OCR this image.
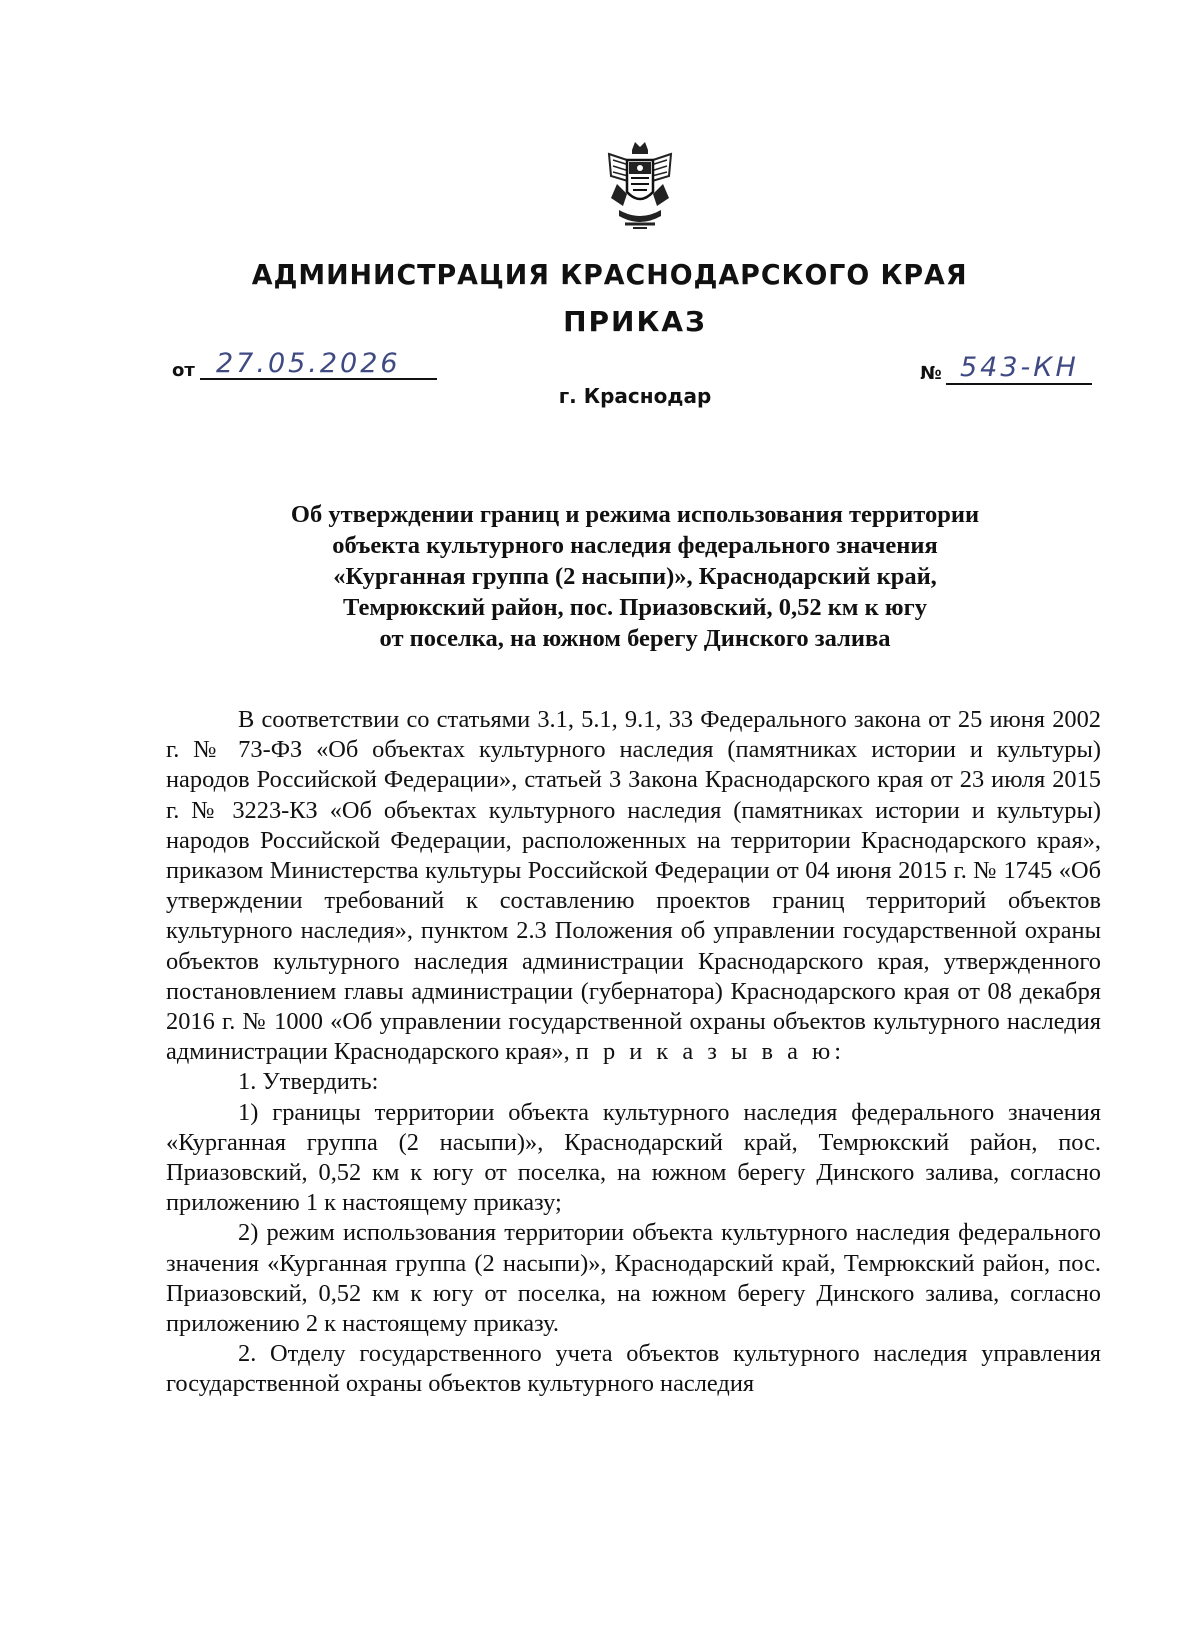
АДМИНИСТРАЦИЯ КРАСНОДАРСКОГО КРАЯ
ПРИКАЗ
от 27.05.2026	№ 543-КН
г. Краснодар
Об утверждении границ и режима использования территории
объекта культурного наследия федерального значения
«Курганная группа (2 насыпи)», Краснодарский край,
Темрюкский район, пос. Приазовский, 0,52 км к югу
от поселка, на южном берегу Динского залива

В соответствии со статьями 3.1, 5.1, 9.1, 33 Федерального закона от 25 июня 2002 г. № 73-ФЗ «Об объектах культурного наследия (памятниках истории и культуры) народов Российской Федерации», статьей 3 Закона Краснодарского края от 23 июля 2015 г. № 3223-КЗ «Об объектах культурного наследия (памятниках истории и культуры) народов Российской Федерации, расположенных на территории Краснодарского края», приказом Министерства культуры Российской Федерации от 04 июня 2015 г. № 1745 «Об утверждении требований к составлению проектов границ территорий объектов культурного наследия», пунктом 2.3 Положения об управлении государственной охраны объектов культурного наследия администрации Краснодарского края, утвержденного постановлением главы администрации (губернатора) Краснодарского края от 08 декабря 2016 г. № 1000 «Об управлении государственной охраны объектов культурного наследия администрации Краснодарского края», п р и к а з ы в а ю:

1. Утвердить:

1) границы территории объекта культурного наследия федерального значения «Курганная группа (2 насыпи)», Краснодарский край, Темрюкский район, пос. Приазовский, 0,52 км к югу от поселка, на южном берегу Динского залива, согласно приложению 1 к настоящему приказу;

2) режим использования территории объекта культурного наследия федерального значения «Курганная группа (2 насыпи)», Краснодарский край, Темрюкский район, пос. Приазовский, 0,52 км к югу от поселка, на южном берегу Динского залива, согласно приложению 2 к настоящему приказу.

2. Отделу государственного учета объектов культурного наследия управления государственной охраны объектов культурного наследия
